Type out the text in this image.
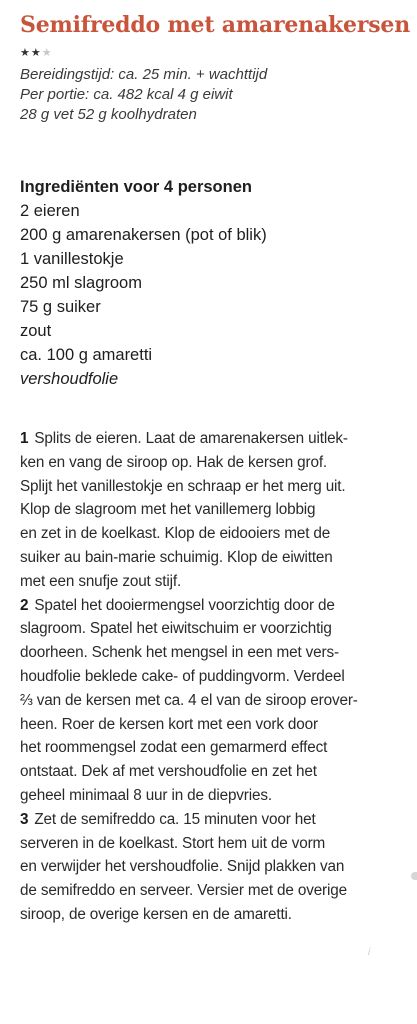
Semifreddo met amarenakersen
★★★
Bereidingstijd: ca. 25 min. + wachttijd
Per portie: ca. 482 kcal 4 g eiwit
28 g vet 52 g koolhydraten
Ingrediënten voor 4 personen
2 eieren
200 g amarenakersen (pot of blik)
1 vanillestokje
250 ml slagroom
75 g suiker
zout
ca. 100 g amaretti
vershoudfolie
1 Splits de eieren. Laat de amarenakersen uitlek-
ken en vang de siroop op. Hak de kersen grof.
Splijt het vanillestokje en schraap er het merg uit.
Klop de slagroom met het vanillemerg lobbig
en zet in de koelkast. Klop de eidooiers met de
suiker au bain-marie schuimig. Klop de eiwitten
met een snufje zout stijf.
2 Spatel het dooiermengsel voorzichtig door de
slagroom. Spatel het eiwitschuim er voorzichtig
doorheen. Schenk het mengsel in een met vers-
houdfolie beklede cake- of puddingvorm. Verdeel
⅔ van de kersen met ca. 4 el van de siroop erover-
heen. Roer de kersen kort met een vork door
het roommengsel zodat een gemarmerd effect
ontstaat. Dek af met vershoudfolie en zet het
geheel minimaal 8 uur in de diepvries.
3 Zet de semifreddo ca. 15 minuten voor het
serveren in de koelkast. Stort hem uit de vorm
en verwijder het vershoudfolie. Snijd plakken van
de semifreddo en serveer. Versier met de overige
siroop, de overige kersen en de amaretti.
ⅰ
